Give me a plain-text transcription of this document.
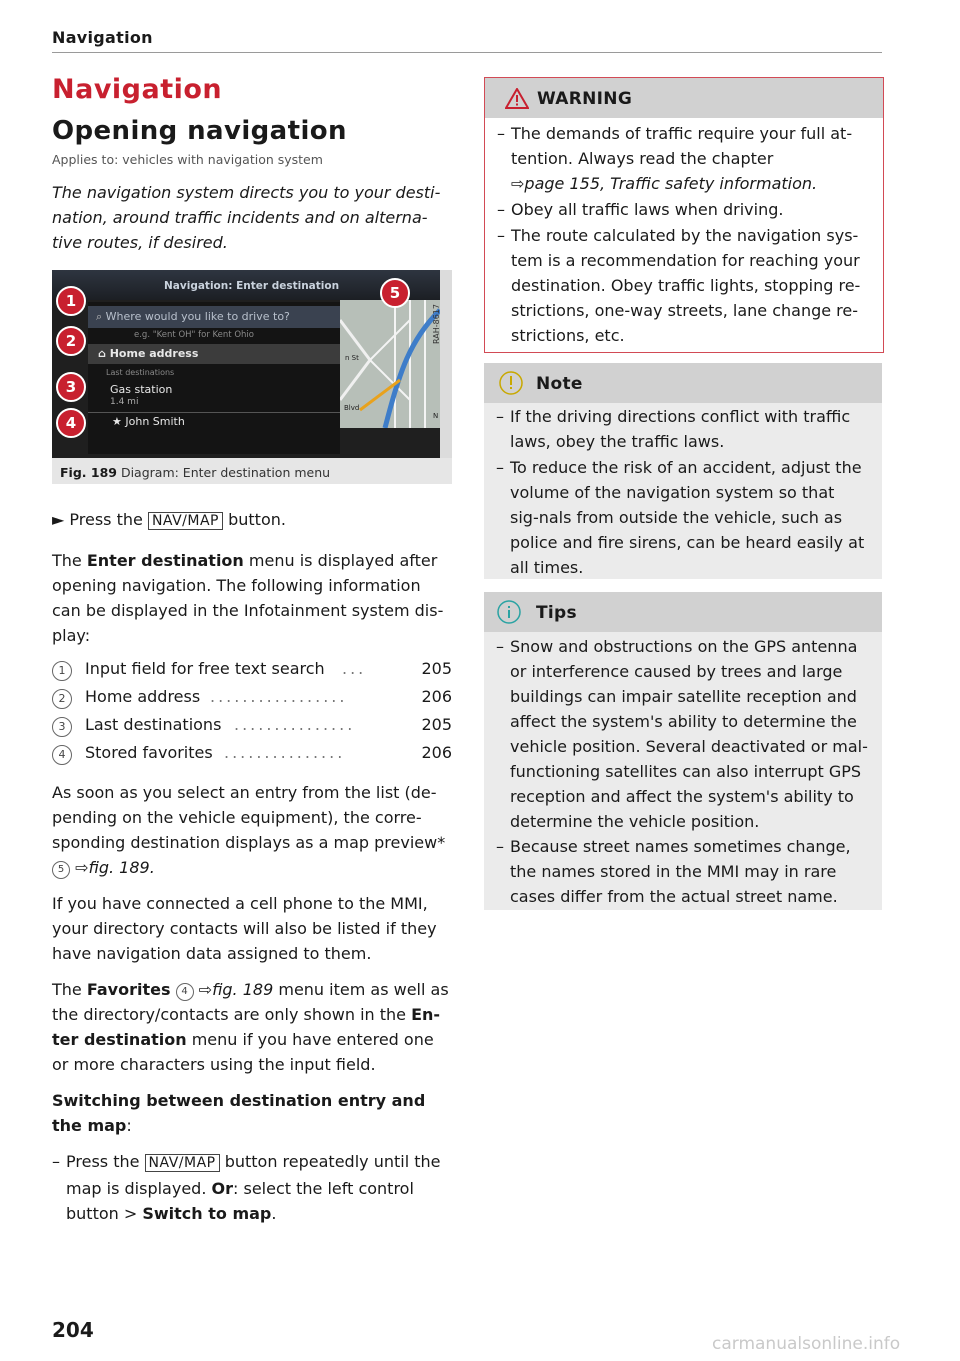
Navigation
Navigation
Opening navigation
Applies to: vehicles with navigation system
The navigation system directs you to your desti-
nation, around traffic incidents and on alterna-
tive routes, if desired.
Navigation: Enter destination
⌕ Where would you like to drive to?
e.g. "Kent OH" for Kent Ohio
⌂ Home address
Last destinations
Gas station
1.4 mi
★ John Smith
n St
Blvd
N
RAH-8617
1
2
3
4
5
Fig. 189 Diagram: Enter destination menu
► Press the NAV/MAP button.
The Enter destination menu is displayed after opening navigation. The following information can be displayed in the Infotainment system dis-play:
1	Input field for free text search ...	205
2	Home address .................	206
3	Last destinations ...............	205
4	Stored favorites ...............	206
As soon as you select an entry from the list (de-pending on the vehicle equipment), the corre-sponding destination displays as a map preview* 5 ⇨fig. 189.
If you have connected a cell phone to the MMI, your directory contacts will also be listed if they have navigation data assigned to them.
The Favorites 4 ⇨fig. 189 menu item as well as the directory/contacts are only shown in the En-ter destination menu if you have entered one or more characters using the input field.
Switching between destination entry and the map:
– Press the NAV/MAP button repeatedly until the map is displayed. Or: select the left control button > Switch to map.
WARNING
– The demands of traffic require your full at-tention. Always read the chapter
⇨page 155, Traffic safety information.
– Obey all traffic laws when driving.
– The route calculated by the navigation sys-tem is a recommendation for reaching your destination. Obey traffic lights, stopping re-strictions, one-way streets, lane change re-strictions, etc.
Note
– If the driving directions conflict with traffic laws, obey the traffic laws.
– To reduce the risk of an accident, adjust the volume of the navigation system so that sig-nals from outside the vehicle, such as police and fire sirens, can be heard easily at all times.
Tips
– Snow and obstructions on the GPS antenna or interference caused by trees and large buildings can impair satellite reception and affect the system's ability to determine the vehicle position. Several deactivated or mal-functioning satellites can also interrupt GPS reception and affect the system's ability to determine the vehicle position.
– Because street names sometimes change, the names stored in the MMI may in rare cases differ from the actual street name.
204
carmanualsonline.info
